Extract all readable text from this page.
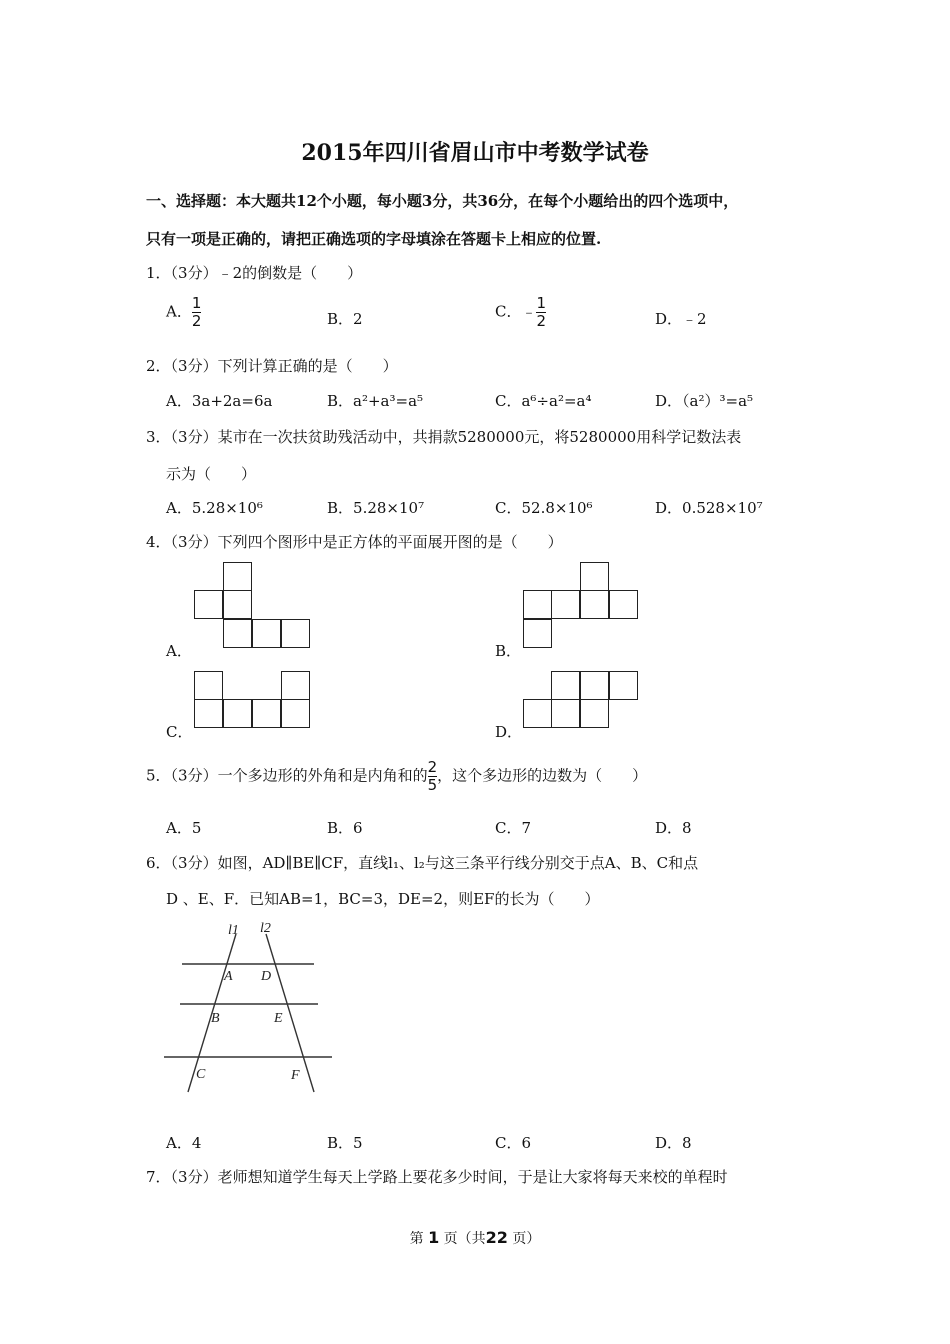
2015年四川省眉山市中考数学试卷
一、选择题：本大题共12个小题，每小题3分，共36分，在每个小题给出的四个选项中，
只有一项是正确的，请把正确选项的字母填涂在答题卡上相应的位置.
1．（3分）﹣2的倒数是（　　）
A． $\frac{1}{2}$	B．2	C．﹣ $\frac{1}{2}$	D．﹣2
2．（3分）下列计算正确的是（　　）
A．3a+2a=6a	B．a²+a³=a⁵	C．a⁶÷a²=a⁴	D．（a²）³=a⁵
3．（3分）某市在一次扶贫助残活动中，共捐款5280000元，将5280000用科学记数法表
示为（　　）
A．5.28×10⁶	B．5.28×10⁷	C．52.8×10⁶	D．0.528×10⁷
4．（3分）下列四个图形中是正方体的平面展开图的是（　　）
A．	B．
C．	D．
5．（3分）一个多边形的外角和是内角和的 $\frac{2}{5}$ ，这个多边形的边数为（　　）
A．5	B．6	C．7	D．8
6．（3分）如图，AD∥BE∥CF，直线l₁、l₂与这三条平行线分别交于点A、B、C和点
D 、E、F．已知AB=1，BC=3，DE=2，则EF的长为（　　）
l1 l2
A D
B	E
C	F
A．4	B．5	C．6	D．8
7．（3分）老师想知道学生每天上学路上要花多少时间，于是让大家将每天来校的单程时
第 1 页（共22 页）
